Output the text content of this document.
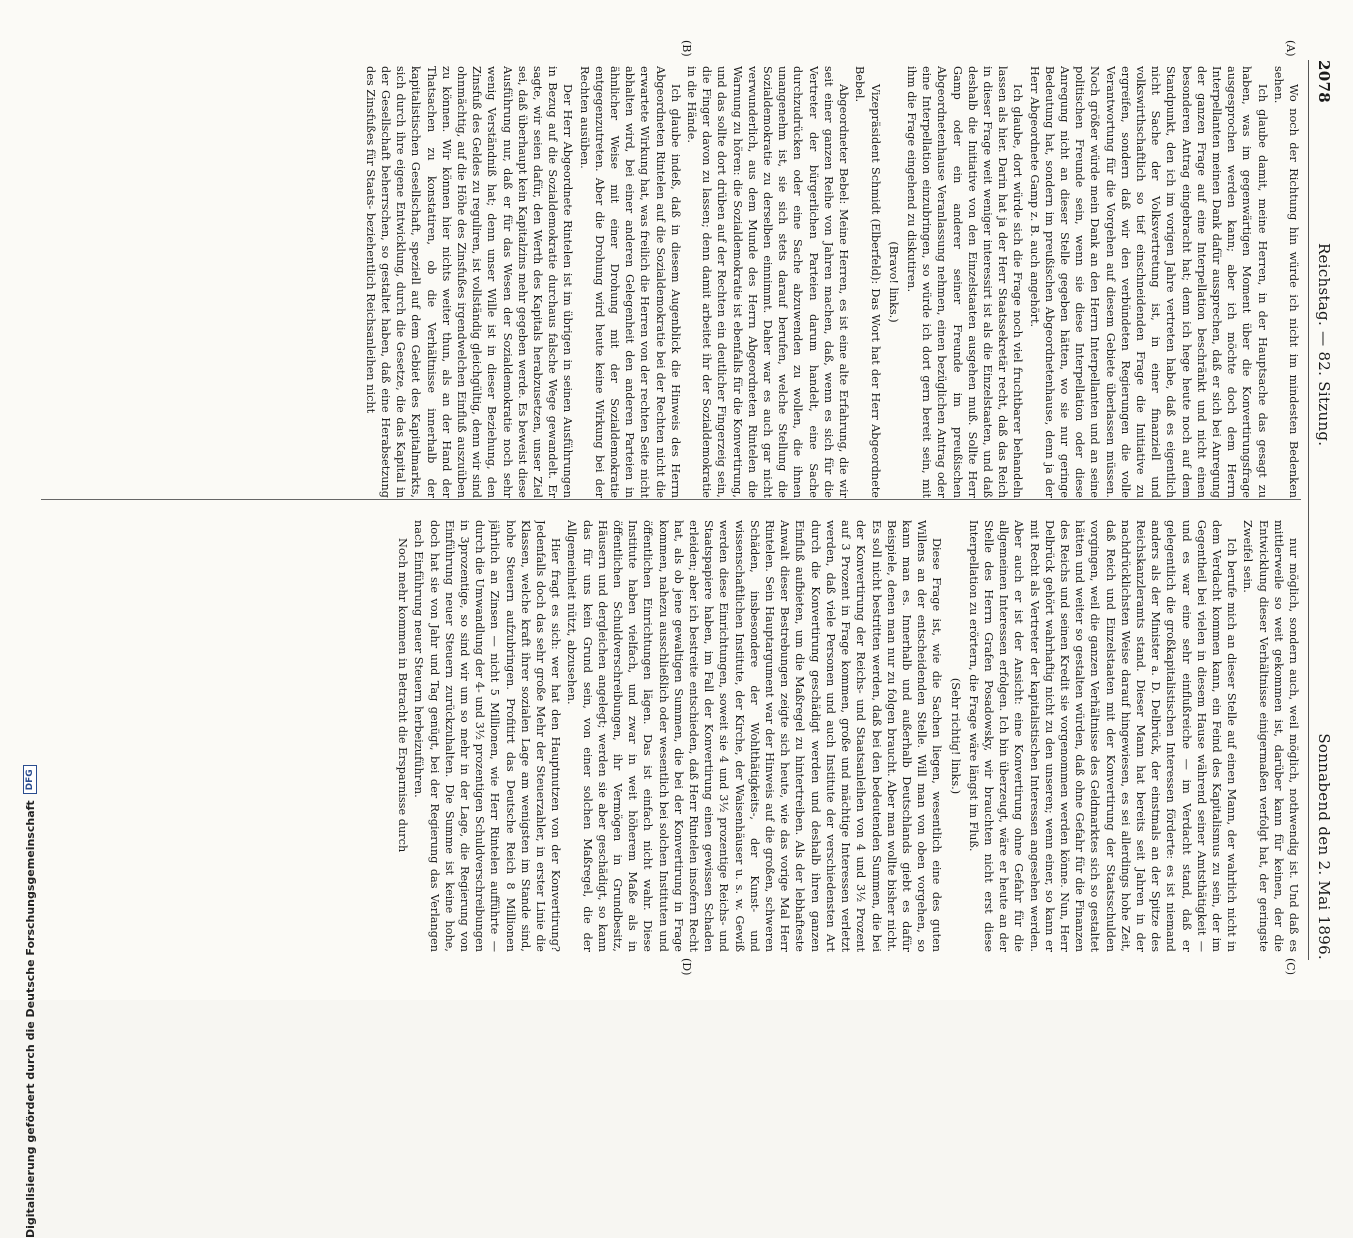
2078
Reichstag. — 82. Sitzung.
Sonnabend den 2. Mai 1896.
(A)
(B)
(C)
(D)

Wo noch der Richtung hin würde ich nicht im mindesten Bedenken sehen.

Ich glaube damit, meine Herren, in der Hauptsache das gesagt zu haben, was im gegenwärtigen Moment über die Konvertirungsfrage ausgesprochen werden kann; aber ich möchte doch dem Herrn Interpellanten meinen Dank dafür aussprechen, daß er sich bei Anregung der ganzen Frage auf eine Interpellation beschränkt und nicht einen besonderen Antrag eingebracht hat; denn ich hege heute noch auf dem Standpunkt, den ich im vorigen Jahre vertreten habe, daß es eigentlich nicht Sache der Volksvertretung ist, in einer finanziell und volkswirthschaftlich so tief einschneidenden Frage die Initiative zu ergreifen, sondern daß wir den verbündeten Regierungen die volle Verantwortung für die Vorgehen auf diesem Gebiete überlassen müssen. Noch größer würde mein Dank an den Herrn Interpellanten und an seine politischen Freunde sein, wenn sie diese Interpellation oder diese Anregung nicht an dieser Stelle gegeben hätten, wo sie nur geringe Bedeutung hat, sondern im preußischen Abgeordnetenhause, denn ja der Herr Abgeordnete Gamp z. B. auch angehört.

Ich glaube, dort würde sich die Frage noch viel fruchtbarer behandeln lassen als hier. Darin hat ja der Herr Staatssekretär recht, daß das Reich in dieser Frage weit weniger interessirt ist als die Einzelstaaten, und daß deshalb die Initiative von den Einzelstaaten ausgehen muß. Sollte Herr Gamp oder ein anderer seiner Freunde im preußischen Abgeordnetenhause Veranlassung nehmen, einen bezüglichen Antrag oder eine Interpellation einzubringen, so würde ich dort gern bereit sein, mit ihm die Frage eingehend zu diskutiren.

(Bravo! links.)

Vizepräsident Schmidt (Elberfeld): Das Wort hat der Herr Abgeordnete Bebel.

Abgeordneter Bebel: Meine Herren, es ist eine alte Erfahrung, die wir seit einer ganzen Reihe von Jahren machen, daß, wenn es sich für die Vertreter der bürgerlichen Parteien darum handelt, eine Sache durchzudrücken oder eine Sache abzuwenden zu wollen, die ihnen unangenehm ist, sie sich stets darauf berufen, welche Stellung die Sozialdemokratie zu derselben einnimmt. Daher war es auch gar nicht verwunderlich, aus dem Munde des Herrn Abgeordneten Rintelen die Warnung zu hören: die Sozialdemokratie ist ebenfalls für die Konvertirung, und das sollte dort drüben auf der Rechten ein deutlicher Fingerzeig sein, die Finger davon zu lassen; denn damit arbeitet ihr der Sozialdemokratie in die Hände.

Ich glaube indeß, daß in diesem Augenblick die Hinweis des Herrn Abgeordneten Rintelen auf die Sozialdemokratie bei der Rechten nicht die erwartete Wirkung hat, was freilich die Herren von der rechten Seite nicht abhalten wird, bei einer anderen Gelegenheit den anderen Parteien in ähnlicher Weise mit einer Drohung mit der Sozialdemokratie entgegenzutreten. Aber die Drohung wird heute keine Wirkung bei der Rechten ausüben.

Der Herr Abgeordnete Rintelen ist im übrigen in seinen Ausführungen in Bezug auf die Sozialdemokratie durchaus falsche Wege gewandelt. Er sagte, wir seien dafür, den Werth des Kapitals herabzusetzen, unser Ziel sei, daß überhaupt kein Kapitalzins mehr gegeben werde. Es beweist diese Ausführung nur, daß er für das Wesen der Sozialdemokratie noch sehr wenig Verständniß hat; denn unser Wille ist in dieser Beziehung, den Zinsfuß des Geldes zu reguliren, ist vollständig gleichgültig, denn wir sind ohnmächtig, auf die Höhe des Zinsfußes irgendwelchen Einfluß auszuüben zu können. Wir können hier nichts weiter thun, als an der Hand der Thatsachen zu konstatiren, ob die Verhältnisse innerhalb der kapitalistischen Gesellschaft, speziell auf dem Gebiet des Kapitalmarkts, sich durch ihre eigene Entwicklung, durch die Gesetze, die das Kapital in der Gesellschaft beherrschen, so gestaltet haben, daß eine Herabsetzung des Zinsfußes für Staats- beziehentlich Reichsanleihen nicht

nur möglich, sondern auch, weil möglich, nothwendig ist. Und daß es mittlerweile so weit gekommen ist, darüber kann für keinen, der die Entwicklung dieser Verhältnisse einigermaßen verfolgt hat, der geringste Zweifel sein.

Ich berufe mich an dieser Stelle auf einen Mann, der wahrlich nicht in dem Verdacht kommen kann, ein Feind des Kapitalismus zu sein, der im Gegentheil bei vielen in diesem Hause während seiner Amtsthätigkeit — und es war eine sehr einflußreiche — im Verdacht stand, daß er gelegentlich die großkapitalistischen Interessen förderte: es ist niemand anders als der Minister a. D. Delbrück, der einstmals an der Spitze des Reichskanzleramts stand. Dieser Mann hat bereits seit Jahren in der nachdrücklichsten Weise darauf hingewiesen, es sei allerdings hohe Zeit, daß Reich und Einzelstaaten mit der Konvertirung der Staatsschulden vorgingen, weil die ganzen Verhältnisse des Geldmarktes sich so gestaltet hätten und weiter so gestalten würden, daß ohne Gefahr für die Finanzen des Reichs und seinen Kredit sie vorgenommen werden könne. Nun, Herr Delbrück gehört wahrhaftig nicht zu den unseren; wenn einer, so kann er mit Recht als Vertreter der kapitalistischen Interessen angesehen werden. Aber auch er ist der Ansicht: eine Konvertirung ohne Gefahr für die allgemeinen Interessen erfolgen. Ich bin überzeugt, wäre er heute an der Stelle des Herrn Grafen Posadowsky, wir brauchten nicht erst diese Interpellation zu erörtern, die Frage wäre längst im Fluß.

(Sehr richtig! links.)

Diese Frage ist, wie die Sachen liegen, wesentlich eine des guten Willens an der entscheidenden Stelle. Will man von oben vorgehen, so kann man es. Innerhalb und außerhalb Deutschlands giebt es dafür Beispiele, denen man nur zu folgen braucht. Aber man wollte bisher nicht. Es soll nicht bestritten werden, daß bei den bedeutenden Summen, die bei der Konvertirung der Reichs- und Staatsanleihen von 4 und 3½ Prozent auf 3 Prozent in Frage kommen, große und mächtige Interessen verletzt werden, daß viele Personen und auch Institute der verschiedensten Art durch die Konvertirung geschädigt werden und deshalb ihren ganzen Einfluß aufbieten, um die Maßregel zu hintertreiben. Als der lebhafteste Anwalt dieser Bestrebungen zeigte sich heute, wie das vorige Mal Herr Rintelen. Sein Hauptargument war der Hinweis auf die großen, schweren Schäden, insbesondere der Wohlthätigkeits-, der Kunst- und wissenschaftlichen Institute, der Kirche, der Waisenhäuser u. s. w. Gewiß werden diese Einrichtungen, soweit sie 4 und 3½ prozentige Reichs- und Staatspapiere haben, im Fall der Konvertirung einen gewissen Schaden erleiden; aber ich bestreite entschieden, daß Herr Rintelen insofern Recht hat, als ob jene gewaltigen Summen, die bei der Konvertirung in Frage kommen, nahezu ausschließlich oder wesentlich bei solchen Instituten und öffentlichen Einrichtungen lägen. Das ist einfach nicht wahr. Diese Institute haben vielfach, und zwar in weit höherem Maße als in öffentlichen Schuldverschreibungen, ihr Vermögen in Grundbesitz, Häusern und dergleichen angelegt; werden sie aber geschädigt, so kann das für uns kein Grund sein, von einer solchen Maßregel, die der Allgemeinheit nützt, abzusehen.

Hier fragt es sich: wer hat den Hauptnutzen von der Konvertirung? Jedenfalls doch das sehr große Mehr der Steuerzahler, in erster Linie die Klassen, welche kraft ihrer sozialen Lage am wenigsten im Stande sind, hohe Steuern aufzubringen. Profitirt das Deutsche Reich 8 Millionen jährlich an Zinsen — nicht 5 Millionen, wie Herr Rintelen aufführte — durch die Umwandlung der 4- und 3½ prozentigen Schuldverschreibungen in 3prozentige, so sind wir um so mehr in der Lage, die Regierung von Einführung neuer Steuern zurückzuhalten. Die Summe ist keine hohe, doch hat sie von Jahr und Tag genügt, bei der Regierung das Verlangen nach Einführung neuer Steuern herbeizuführen.

Noch mehr kommen in Betracht die Ersparnisse durch

Digitalisierung gefördert durch die Deutsche Forschungsgemeinschaft
DFG
